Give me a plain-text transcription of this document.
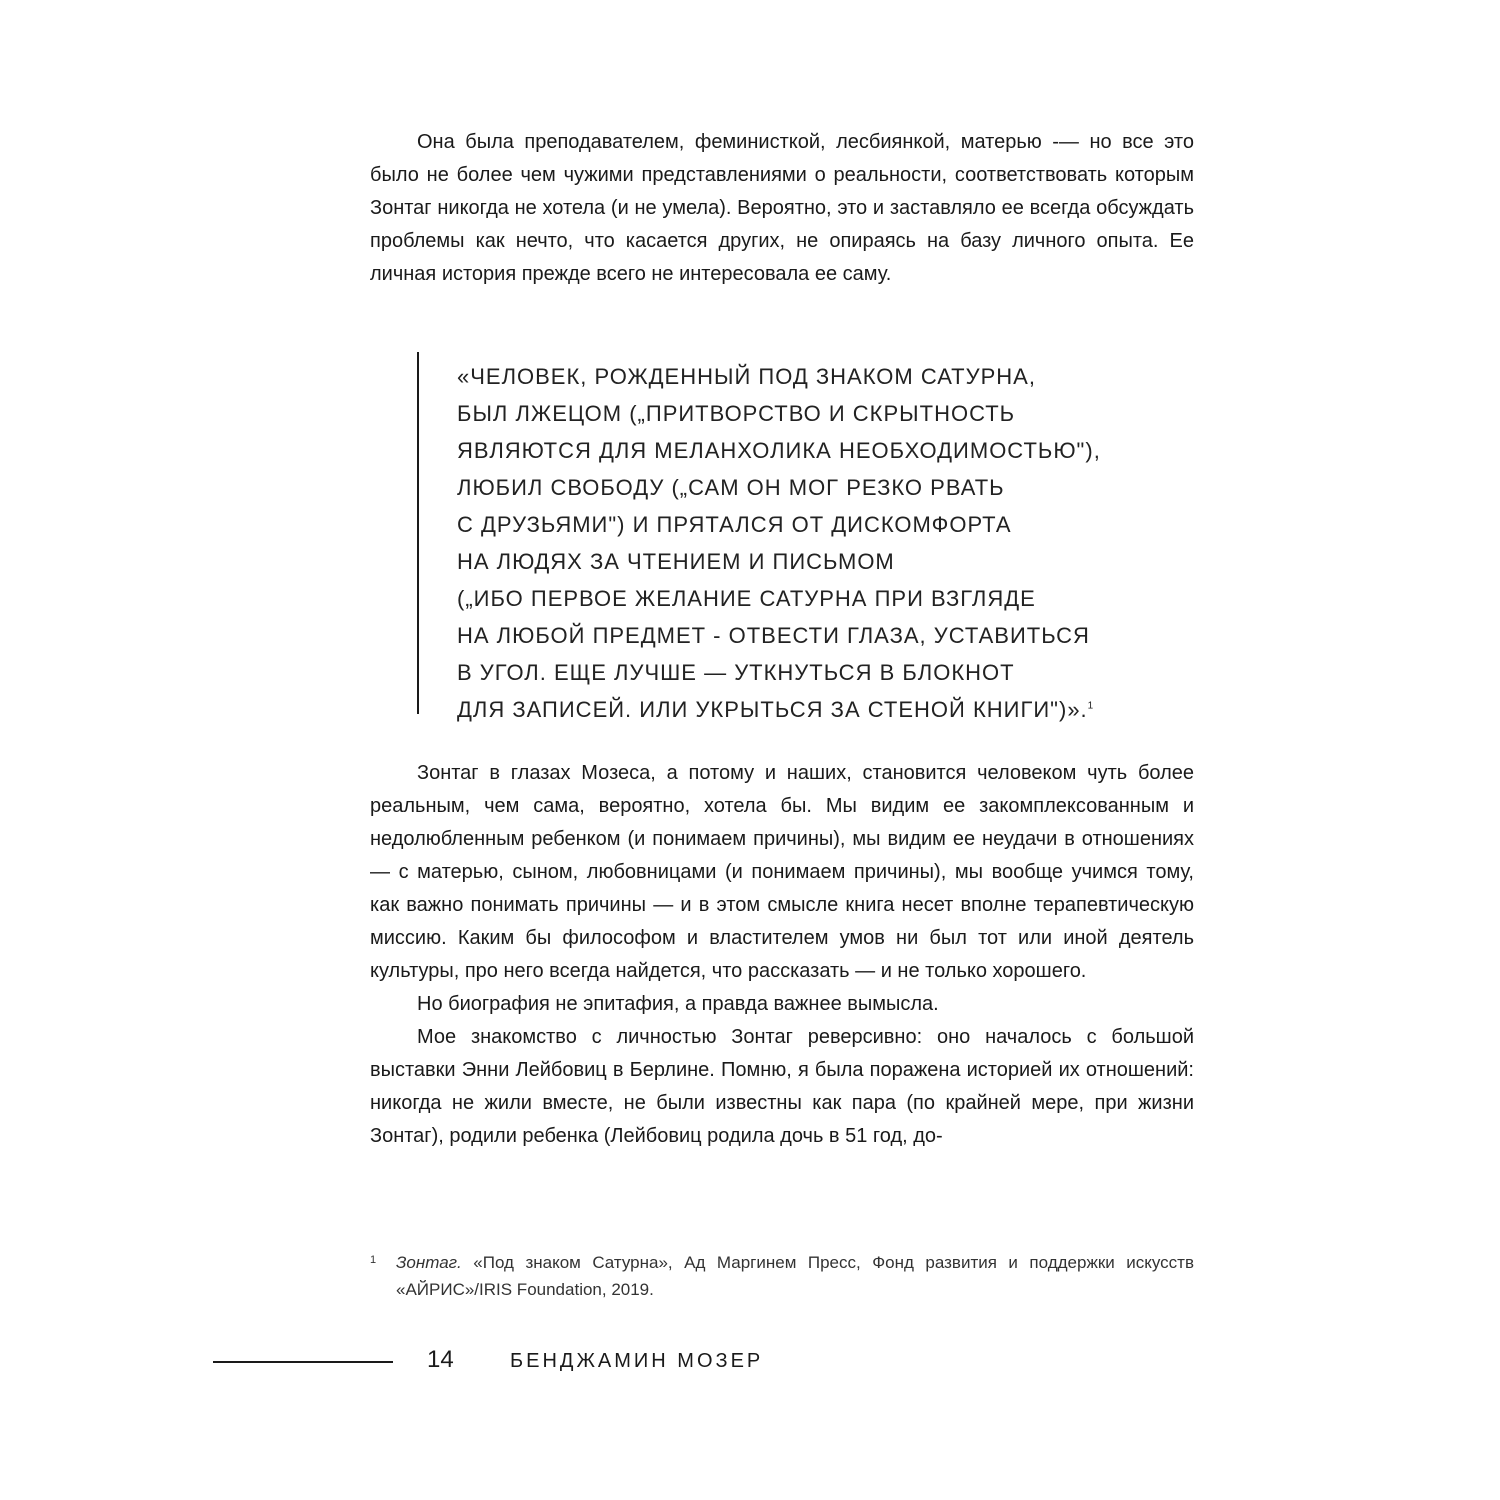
Она была преподавателем, феминисткой, лесбиянкой, матерью -— но все это было не более чем чужими представлениями о реальности, соответствовать которым Зонтаг никогда не хотела (и не умела). Вероятно, это и заставляло ее всегда обсуждать проблемы как нечто, что касается других, не опираясь на базу личного опыта. Ее личная история прежде всего не интересовала ее саму.

«ЧЕЛОВЕК, РОЖДЕННЫЙ ПОД ЗНАКОМ САТУРНА,
БЫЛ ЛЖЕЦОМ („ПРИТВОРСТВО И СКРЫТНОСТЬ
ЯВЛЯЮТСЯ ДЛЯ МЕЛАНХОЛИКА НЕОБХОДИМОСТЬЮ"),
ЛЮБИЛ СВОБОДУ („САМ ОН МОГ РЕЗКО РВАТЬ
С ДРУЗЬЯМИ") И ПРЯТАЛСЯ ОТ ДИСКОМФОРТА
НА ЛЮДЯХ ЗА ЧТЕНИЕМ И ПИСЬМОМ
(„ИБО ПЕРВОЕ ЖЕЛАНИЕ САТУРНА ПРИ ВЗГЛЯДЕ
НА ЛЮБОЙ ПРЕДМЕТ - ОТВЕСТИ ГЛАЗА, УСТАВИТЬСЯ
В УГОЛ. ЕЩЕ ЛУЧШЕ — УТКНУТЬСЯ В БЛОКНОТ
ДЛЯ ЗАПИСЕЙ. ИЛИ УКРЫТЬСЯ ЗА СТЕНОЙ КНИГИ")».$^1$

Зонтаг в глазах Мозеса, а потому и наших, становится человеком чуть более реальным, чем сама, вероятно, хотела бы. Мы видим ее закомплексованным и недолюбленным ребенком (и понимаем причины), мы видим ее неудачи в отношениях — с матерью, сыном, любовницами (и понимаем причины), мы вообще учимся тому, как важно понимать причины — и в этом смысле книга несет вполне терапевтическую миссию. Каким бы философом и властителем умов ни был тот или иной деятель культуры, про него всегда найдется, что рассказать — и не только хорошего.

Но биография не эпитафия, а правда важнее вымысла.

Мое знакомство с личностью Зонтаг реверсивно: оно началось с большой выставки Энни Лейбовиц в Берлине. Помню, я была поражена историей их отношений: никогда не жили вместе, не были известны как пара (по крайней мере, при жизни Зонтаг), родили ребенка (Лейбовиц родила дочь в 51 год, до-

1	Зонтаг. «Под знаком Сатурна», Ад Маргинем Пресс, Фонд развития и поддержки искусств «АЙРИС»/IRIS Foundation, 2019.
14	БЕНДЖАМИН МОЗЕР
